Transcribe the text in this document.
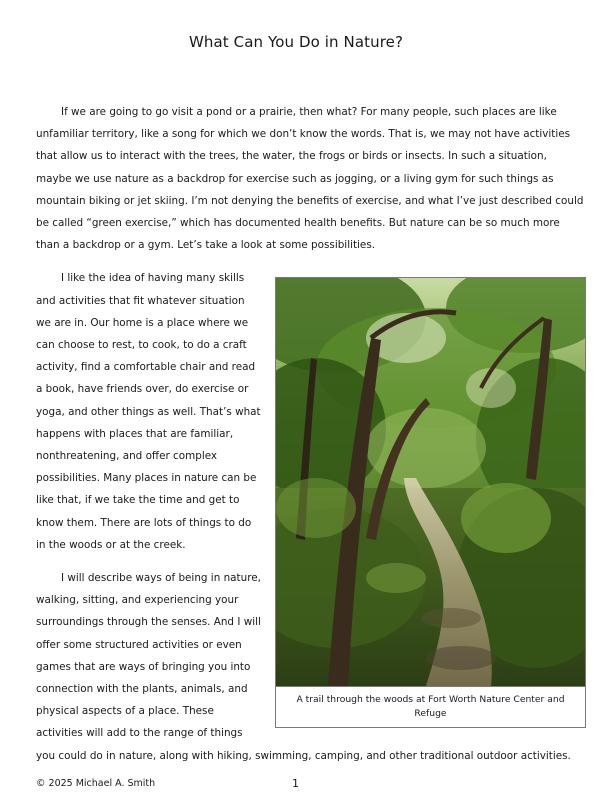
What Can You Do in Nature?

If we are going to go visit a pond or a prairie, then what? For many people, such places are like unfamiliar territory, like a song for which we don’t know the words. That is, we may not have activities that allow us to interact with the trees, the water, the frogs or birds or insects. In such a situation, maybe we use nature as a backdrop for exercise such as jogging, or a living gym for such things as mountain biking or jet skiing. I’m not denying the benefits of exercise, and what I’ve just described could be called “green exercise,” which has documented health benefits. But nature can be so much more than a backdrop or a gym. Let’s take a look at some possibilities.

A trail through the woods at Fort Worth Nature Center and Refuge

I like the idea of having many skills and activities that fit whatever situation we are in. Our home is a place where we can choose to rest, to cook, to do a craft activity, find a comfortable chair and read a book, have friends over, do exercise or yoga, and other things as well. That’s what happens with places that are familiar, nonthreatening, and offer complex possibilities. Many places in nature can be like that, if we take the time and get to know them. There are lots of things to do in the woods or at the creek.

I will describe ways of being in nature, walking, sitting, and experiencing your surroundings through the senses. And I will offer some structured activities or even games that are ways of bringing you into connection with the plants, animals, and physical aspects of a place. These activities will add to the range of things you could do in nature, along with hiking, swimming, camping, and other traditional outdoor activities.

© 2025 Michael A. Smith	1
